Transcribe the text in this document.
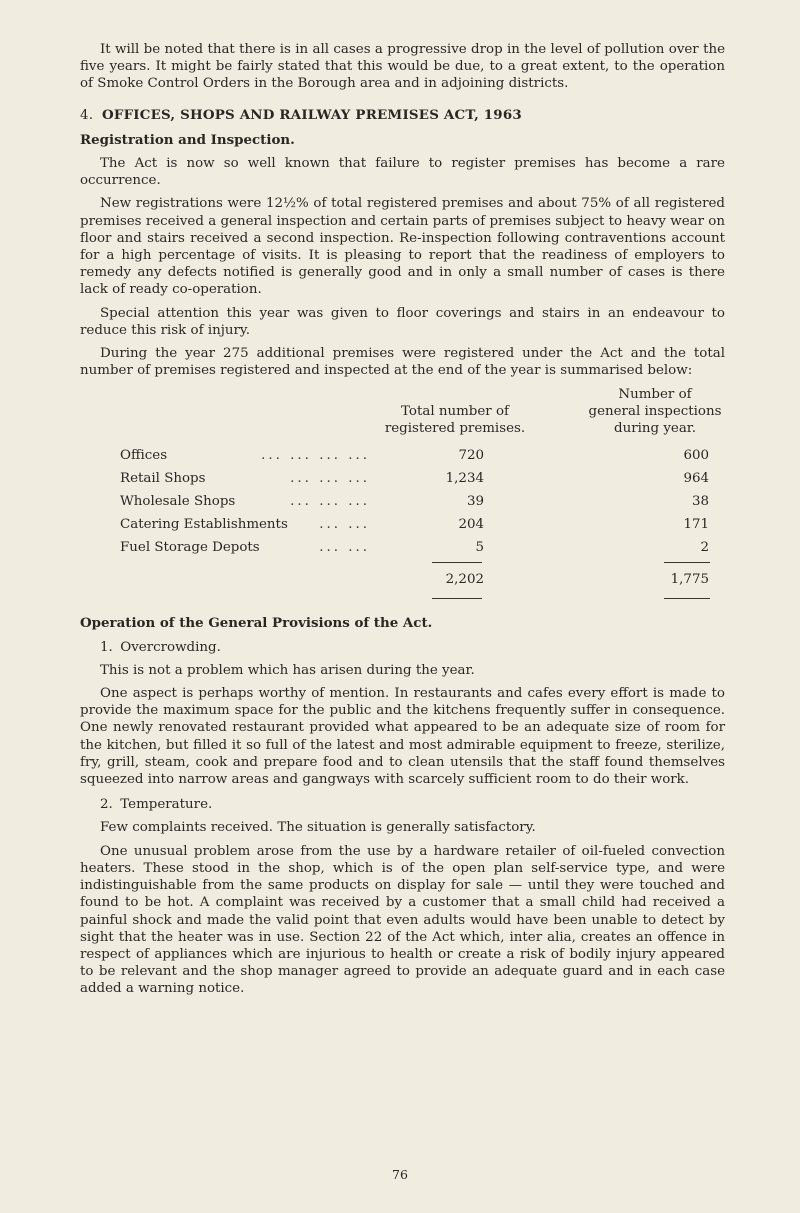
It will be noted that there is in all cases a progressive drop in the level of pollution over the five years. It might be fairly stated that this would be due, to a great extent, to the operation of Smoke Control Orders in the Borough area and in adjoining districts.

4. OFFICES, SHOPS AND RAILWAY PREMISES ACT, 1963
Registration and Inspection.

The Act is now so well known that failure to register premises has become a rare occurrence.

New registrations were 12½% of total registered premises and about 75% of all registered premises received a general inspection and certain parts of premises subject to heavy wear on floor and stairs received a second inspection. Re-inspection following contraventions account for a high percentage of visits. It is pleasing to report that the readiness of employers to remedy any defects notified is generally good and in only a small number of cases is there lack of ready co-operation.

Special attention this year was given to floor coverings and stairs in an endeavour to reduce this risk of injury.

During the year 275 additional premises were registered under the Act and the total number of premises registered and inspected at the end of the year is summarised below:

Total number of
registered premises.
Number of
general inspections
during year.
Offices	... ... ... ...	720	600
Retail Shops	... ... ...	1,234	964
Wholesale Shops	... ... ...	39	38
Catering Establishments	... ...	204	171
Fuel Storage Depots	... ...	5	2
2,202	1,775
Operation of the General Provisions of the Act.
1. Overcrowding.

This is not a problem which has arisen during the year.

One aspect is perhaps worthy of mention. In restaurants and cafes every effort is made to provide the maximum space for the public and the kitchens frequently suffer in consequence. One newly renovated restaurant provided what appeared to be an adequate size of room for the kitchen, but filled it so full of the latest and most admirable equipment to freeze, sterilize, fry, grill, steam, cook and prepare food and to clean utensils that the staff found themselves squeezed into narrow areas and gangways with scarcely sufficient room to do their work.

2. Temperature.

Few complaints received. The situation is generally satisfactory.

One unusual problem arose from the use by a hardware retailer of oil-fueled convection heaters. These stood in the shop, which is of the open plan self-service type, and were indistinguishable from the same products on display for sale — until they were touched and found to be hot. A complaint was received by a customer that a small child had received a painful shock and made the valid point that even adults would have been unable to detect by sight that the heater was in use. Section 22 of the Act which, inter alia, creates an offence in respect of appliances which are injurious to health or create a risk of bodily injury appeared to be relevant and the shop manager agreed to provide an adequate guard and in each case added a warning notice.

76
